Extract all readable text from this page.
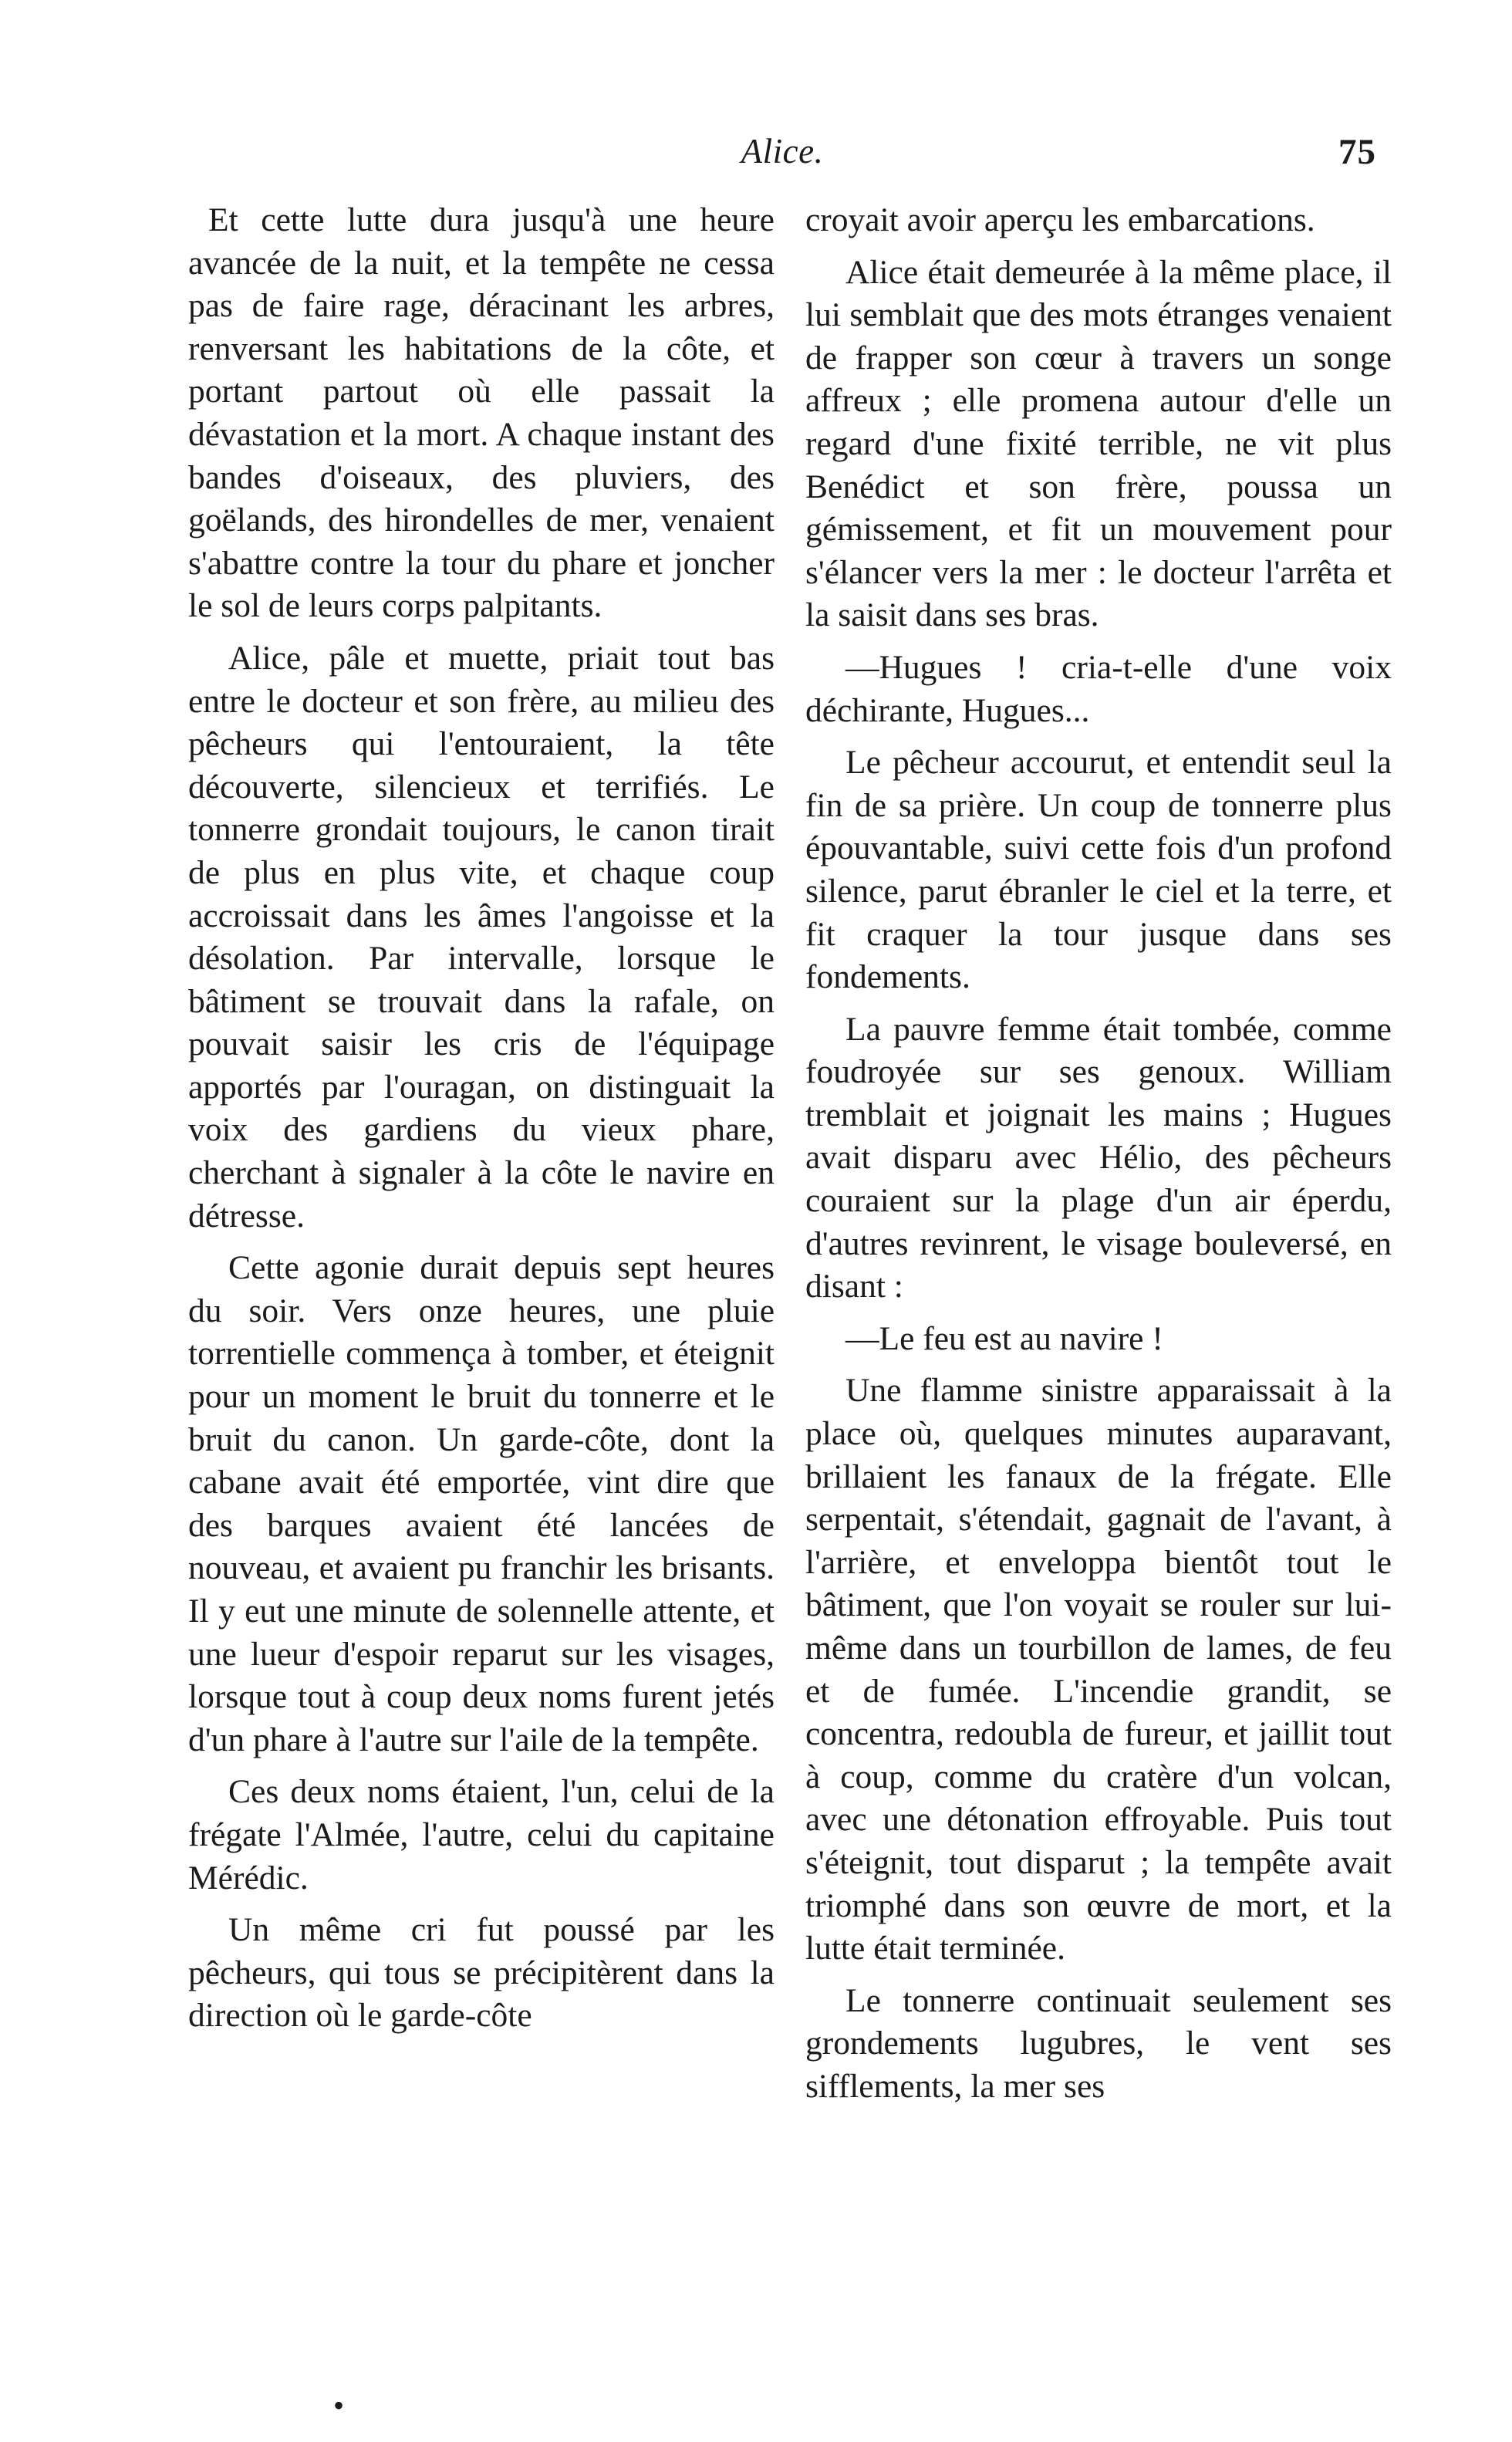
Alice.	75

Et cette lutte dura jusqu'à une heure avancée de la nuit, et la tempête ne cessa pas de faire rage, déracinant les arbres, renversant les habitations de la côte, et portant partout où elle passait la dévastation et la mort. A chaque instant des bandes d'oiseaux, des pluviers, des goëlands, des hirondelles de mer, venaient s'abattre contre la tour du phare et joncher le sol de leurs corps palpitants.

Alice, pâle et muette, priait tout bas entre le docteur et son frère, au milieu des pêcheurs qui l'entouraient, la tête découverte, silencieux et terrifiés. Le tonnerre grondait toujours, le canon tirait de plus en plus vite, et chaque coup accroissait dans les âmes l'angoisse et la désolation. Par intervalle, lorsque le bâtiment se trouvait dans la rafale, on pouvait saisir les cris de l'équipage apportés par l'ouragan, on distinguait la voix des gardiens du vieux phare, cherchant à signaler à la côte le navire en détresse.

Cette agonie durait depuis sept heures du soir. Vers onze heures, une pluie torrentielle commença à tomber, et éteignit pour un moment le bruit du tonnerre et le bruit du canon. Un garde-côte, dont la cabane avait été emportée, vint dire que des barques avaient été lancées de nouveau, et avaient pu franchir les brisants. Il y eut une minute de solennelle attente, et une lueur d'espoir reparut sur les visages, lorsque tout à coup deux noms furent jetés d'un phare à l'autre sur l'aile de la tempête.

Ces deux noms étaient, l'un, celui de la frégate l'Almée, l'autre, celui du capitaine Mérédic.

Un même cri fut poussé par les pêcheurs, qui tous se précipitèrent dans la direction où le garde-côte

croyait avoir aperçu les embarcations.

Alice était demeurée à la même place, il lui semblait que des mots étranges venaient de frapper son cœur à travers un songe affreux ; elle promena autour d'elle un regard d'une fixité terrible, ne vit plus Benédict et son frère, poussa un gémissement, et fit un mouvement pour s'élancer vers la mer : le docteur l'arrêta et la saisit dans ses bras.

—Hugues ! cria-t-elle d'une voix déchirante, Hugues...

Le pêcheur accourut, et entendit seul la fin de sa prière. Un coup de tonnerre plus épouvantable, suivi cette fois d'un profond silence, parut ébranler le ciel et la terre, et fit craquer la tour jusque dans ses fondements.

La pauvre femme était tombée, comme foudroyée sur ses genoux. William tremblait et joignait les mains ; Hugues avait disparu avec Hélio, des pêcheurs couraient sur la plage d'un air éperdu, d'autres revinrent, le visage bouleversé, en disant :

—Le feu est au navire !

Une flamme sinistre apparaissait à la place où, quelques minutes auparavant, brillaient les fanaux de la frégate. Elle serpentait, s'étendait, gagnait de l'avant, à l'arrière, et enveloppa bientôt tout le bâtiment, que l'on voyait se rouler sur lui-même dans un tourbillon de lames, de feu et de fumée. L'incendie grandit, se concentra, redoubla de fureur, et jaillit tout à coup, comme du cratère d'un volcan, avec une détonation effroyable. Puis tout s'éteignit, tout disparut ; la tempête avait triomphé dans son œuvre de mort, et la lutte était terminée.

Le tonnerre continuait seulement ses grondements lugubres, le vent ses sifflements, la mer ses

•
